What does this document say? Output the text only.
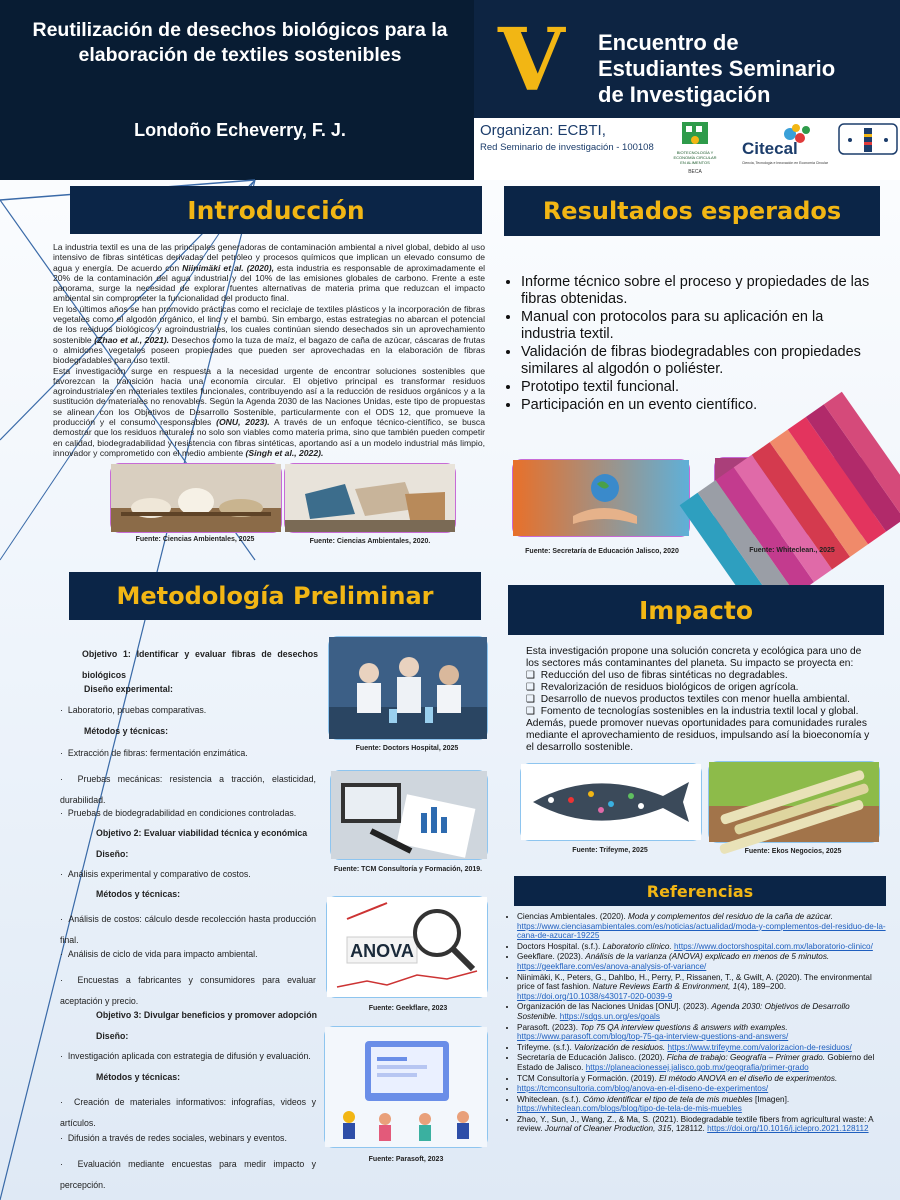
Reutilización de desechos biológicos para la elaboración de textiles sostenibles
Londoño Echeverry, F. J.
V Encuentro de
Estudiantes Seminario
de Investigación
Organizan: ECBTI,
Red Seminario de investigación - 100108	BIOTECNOLOGÍA Y
ECONOMÍA CIRCULAR
EN ALIMENTOS
BECA
Citecal
Ciencia, Tecnología e Innovación en Economía Circular
Introducción
La industria textil es una de las principales generadoras de contaminación ambiental a nivel global, debido al uso intensivo de fibras sintéticas derivadas del petróleo y procesos químicos que implican un elevado consumo de agua y energía. De acuerdo con Niinimäki et al. (2020), esta industria es responsable de aproximadamente el 20% de la contaminación del agua industrial y del 10% de las emisiones globales de carbono. Frente a este panorama, surge la necesidad de explorar fuentes alternativas de materia prima que reduzcan el impacto ambiental sin comprometer la funcionalidad del producto final.
En los últimos años se han promovido prácticas como el reciclaje de textiles plásticos y la incorporación de fibras vegetales como el algodón orgánico, el lino y el bambú. Sin embargo, estas estrategias no abarcan el potencial de los residuos biológicos y agroindustriales, los cuales continúan siendo desechados sin un aprovechamiento sostenible (Zhao et al., 2021). Desechos como la tuza de maíz, el bagazo de caña de azúcar, cáscaras de frutas o almidones vegetales poseen propiedades que pueden ser aprovechadas en la elaboración de fibras biodegradables para uso textil.
Esta investigación surge en respuesta a la necesidad urgente de encontrar soluciones sostenibles que favorezcan la transición hacia una economía circular. El objetivo principal es transformar residuos agroindustriales en materiales textiles funcionales, contribuyendo así a la reducción de residuos orgánicos y a la sustitución de materiales no renovables. Según la Agenda 2030 de las Naciones Unidas, este tipo de propuestas se alinean con los Objetivos de Desarrollo Sostenible, particularmente con el ODS 12, que promueve la producción y el consumo responsables (ONU, 2023). A través de un enfoque técnico-científico, se busca demostrar que los residuos naturales no solo son viables como materia prima, sino que también pueden competir en calidad, biodegradabilidad y resistencia con fibras sintéticas, aportando así a un modelo industrial más limpio, innovador y comprometido con el medio ambiente (Singh et al., 2022).
Fuente: Ciencias Ambientales, 2025	Fuente: Ciencias Ambientales, 2020.
Resultados esperados
• Informe técnico sobre el proceso y propiedades de las fibras obtenidas.
• Manual con protocolos para su aplicación en la industria textil.
• Validación de fibras biodegradables con propiedades similares al algodón o poliéster.
• Prototipo textil funcional.
• Participación en un evento científico.
Fuente: Secretaría de Educación Jalisco, 2020	Fuente: Whiteclean., 2025
Metodología Preliminar
Objetivo 1: Identificar y evaluar fibras de desechos biológicos
Diseño experimental:
·  Laboratorio, pruebas comparativas.
Métodos y técnicas:
·  Extracción de fibras: fermentación enzimática.
·  Pruebas mecánicas: resistencia a tracción, elasticidad, durabilidad.
·  Pruebas de biodegradabilidad en condiciones controladas.
Objetivo 2: Evaluar viabilidad técnica y económica
Diseño:
·  Análisis experimental y comparativo de costos.
Métodos y técnicas:
·  Análisis de costos: cálculo desde recolección hasta producción final.
·  Análisis de ciclo de vida para impacto ambiental.
·  Encuestas a fabricantes y consumidores para evaluar aceptación y precio.
Objetivo 3: Divulgar beneficios y promover adopción
Diseño:
·  Investigación aplicada con estrategia de difusión y evaluación.
Métodos y técnicas:
·  Creación de materiales informativos: infografías, videos y artículos.
·  Difusión a través de redes sociales, webinars y eventos.
·  Evaluación mediante encuestas para medir impacto y percepción.
Fuente: Doctors Hospital, 2025
Fuente: TCM Consultoría y Formación, 2019.
ANOVA
Fuente: Geekflare, 2023
Fuente: Parasoft, 2023
Impacto
Esta investigación propone una solución concreta y ecológica para uno de los sectores más contaminantes del planeta. Su impacto se proyecta en:
❑  Reducción del uso de fibras sintéticas no degradables.
❑  Revalorización de residuos biológicos de origen agrícola.
❑  Desarrollo de nuevos productos textiles con menor huella ambiental.
❑  Fomento de tecnologías sostenibles en la industria textil local y global.
Además, puede promover nuevas oportunidades para comunidades rurales mediante el aprovechamiento de residuos, impulsando así la bioeconomía y el desarrollo sostenible.
Fuente: Trifeyme, 2025	Fuente: Ekos Negocios, 2025
Referencias
• Ciencias Ambientales. (2020). Moda y complementos del residuo de la caña de azúcar. https://www.cienciasambientales.com/es/noticias/actualidad/moda-y-complementos-del-residuo-de-la-cana-de-azucar-19225
• Doctors Hospital. (s.f.). Laboratorio clínico. https://www.doctorshospital.com.mx/laboratorio-clinico/
• Geekflare. (2023). Análisis de la varianza (ANOVA) explicado en menos de 5 minutos. https://geekflare.com/es/anova-analysis-of-variance/
• Niinimäki, K., Peters, G., Dahlbo, H., Perry, P., Rissanen, T., & Gwilt, A. (2020). The environmental price of fast fashion. Nature Reviews Earth & Environment, 1(4), 189–200. https://doi.org/10.1038/s43017-020-0039-9
• Organización de las Naciones Unidas [ONU]. (2023). Agenda 2030: Objetivos de Desarrollo Sostenible. https://sdgs.un.org/es/goals
• Parasoft. (2023). Top 75 QA interview questions & answers with examples. https://www.parasoft.com/blog/top-75-qa-interview-questions-and-answers/
• Trifeyme. (s.f.). Valorización de residuos. https://www.trifeyme.com/valorizacion-de-residuos/
• Secretaría de Educación Jalisco. (2020). Ficha de trabajo: Geografía – Primer grado. Gobierno del Estado de Jalisco. https://planeacionessej.jalisco.gob.mx/geografia/primer-grado
• TCM Consultoría y Formación. (2019). El método ANOVA en el diseño de experimentos.
• https://tcmconsultoria.com/blog/anova-en-el-diseno-de-experimentos/
• Whiteclean. (s.f.). Cómo identificar el tipo de tela de mis muebles [Imagen]. https://whiteclean.com/blogs/blog/tipo-de-tela-de-mis-muebles
• Zhao, Y., Sun, J., Wang, Z., & Ma, S. (2021). Biodegradable textile fibers from agricultural waste: A review. Journal of Cleaner Production, 315, 128112. https://doi.org/10.1016/j.jclepro.2021.128112
